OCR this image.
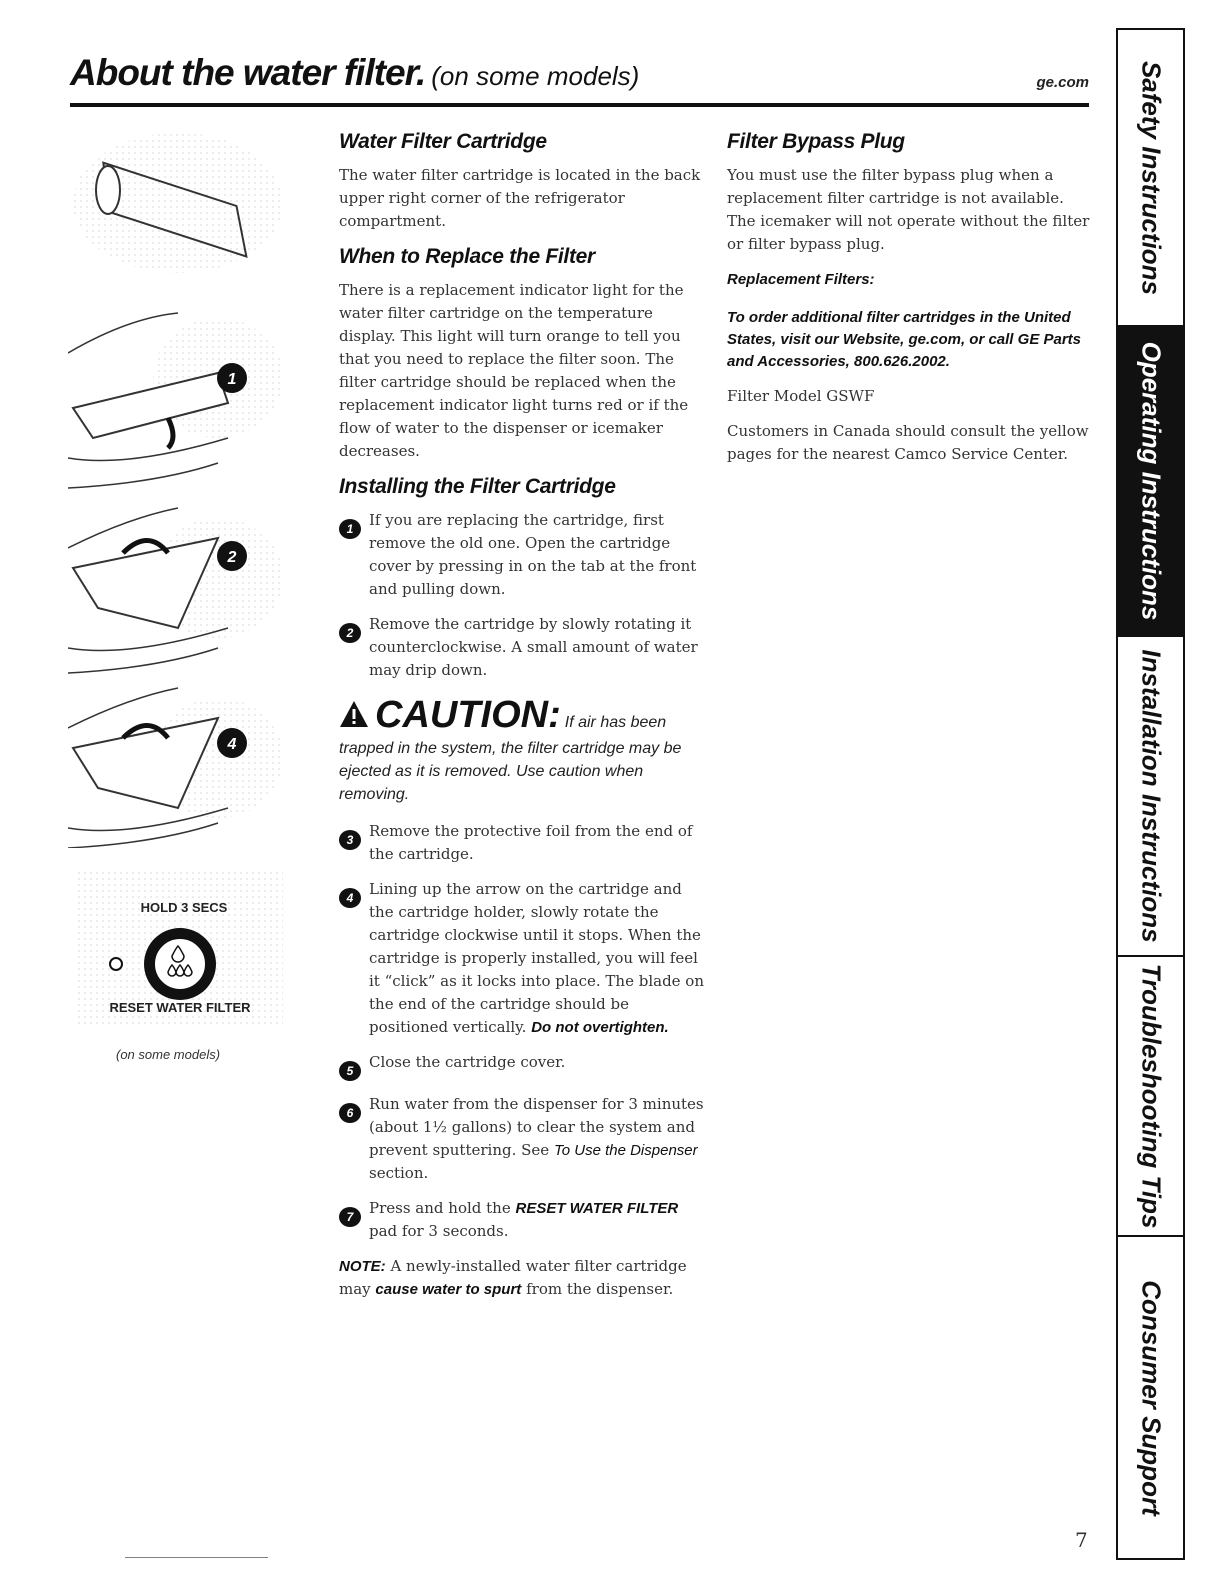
About the water filter. (on some models)	ge.com
1
2
4
HOLD 3 SECS
RESET WATER FILTER
(on some models)
Water Filter Cartridge

The water filter cartridge is located in the back upper right corner of the refrigerator compartment.

When to Replace the Filter

There is a replacement indicator light for the water filter cartridge on the temperature display. This light will turn orange to tell you that you need to replace the filter soon. The filter cartridge should be replaced when the replacement indicator light turns red or if the flow of water to the dispenser or icemaker decreases.

Installing the Filter Cartridge
1	If you are replacing the cartridge, first remove the old one. Open the cartridge cover by pressing in on the tab at the front and pulling down.
2	Remove the cartridge by slowly rotating it counterclockwise. A small amount of water may drip down.
CAUTION: If air has been trapped in the system, the filter cartridge may be ejected as it is removed. Use caution when removing.
3	Remove the protective foil from the end of the cartridge.
4	Lining up the arrow on the cartridge and the cartridge holder, slowly rotate the cartridge clockwise until it stops. When the cartridge is properly installed, you will feel it “click” as it locks into place. The blade on the end of the cartridge should be positioned vertically. Do not overtighten.
5	Close the cartridge cover.
6	Run water from the dispenser for 3 minutes (about 1½ gallons) to clear the system and prevent sputtering. See To Use the Dispenser section.
7	Press and hold the RESET WATER FILTER pad for 3 seconds.

NOTE: A newly-installed water filter cartridge may cause water to spurt from the dispenser.

Filter Bypass Plug

You must use the filter bypass plug when a replacement filter cartridge is not available. The icemaker will not operate without the filter or filter bypass plug.

Replacement Filters:

To order additional filter cartridges in the United States, visit our Website, ge.com, or call GE Parts and Accessories, 800.626.2002.

Filter Model GSWF

Customers in Canada should consult the yellow pages for the nearest Camco Service Center.

Safety Instructions
Operating Instructions
Installation Instructions
Troubleshooting Tips
Consumer Support
7
